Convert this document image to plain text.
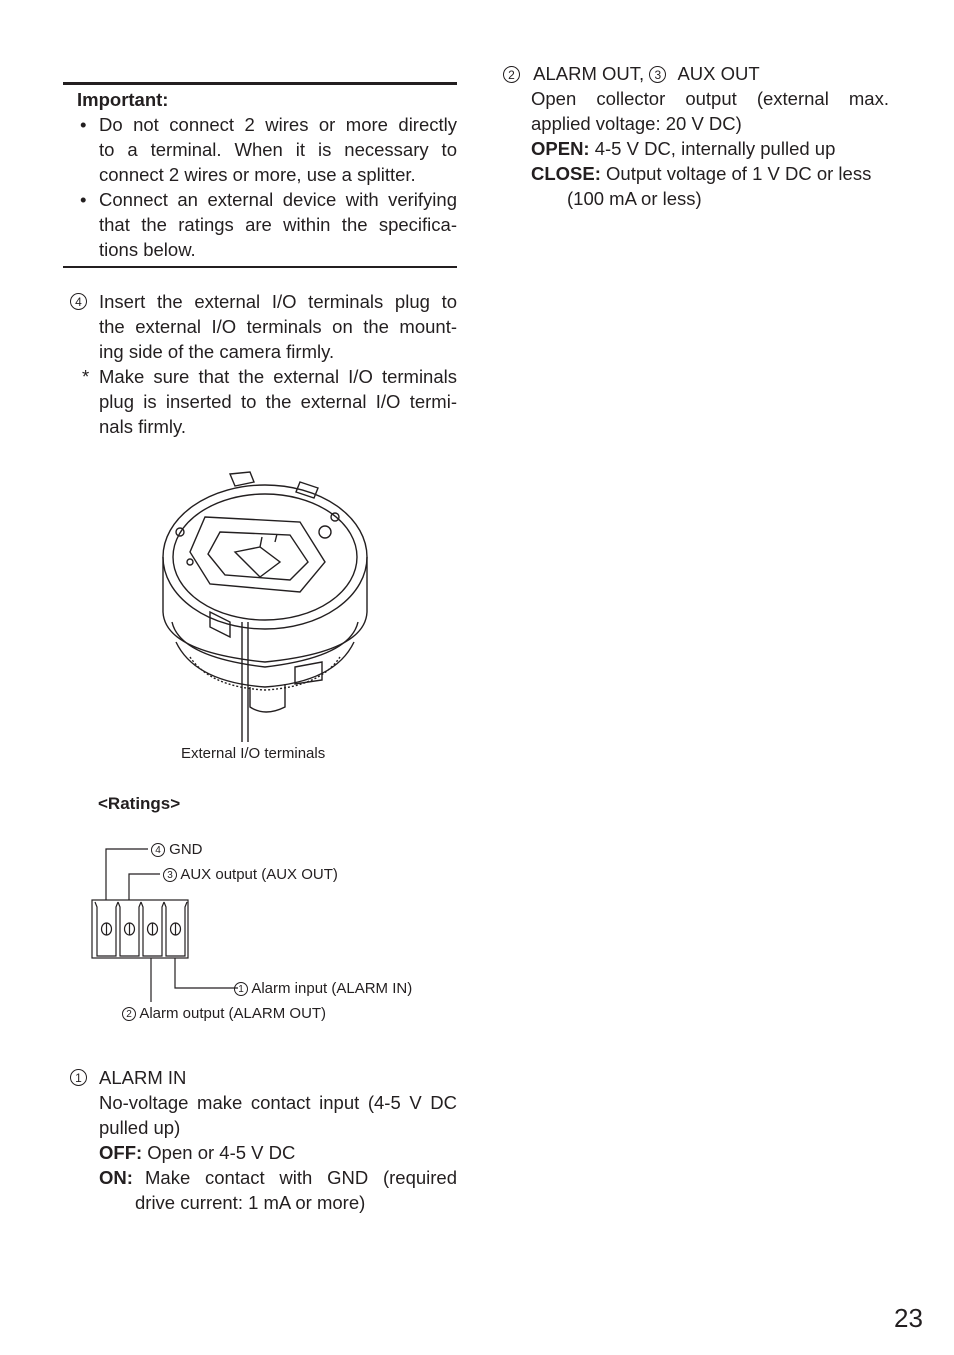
Important:
• Do not connect 2 wires or more directly
to a terminal. When it is necessary to
connect 2 wires or more, use a splitter.
• Connect an external device with verifying
that the ratings are within the specifica-
tions below.
4 Insert the external I/O terminals plug to
the external I/O terminals on the mount-
ing side of the camera firmly.
* Make sure that the external I/O terminals
plug is inserted to the external I/O termi-
nals firmly.
External I/O terminals
<Ratings>
4 GND
3 AUX output (AUX OUT)
1 Alarm input (ALARM IN)
2 Alarm output (ALARM OUT)
1 ALARM IN
No-voltage make contact input (4-5 V DC
pulled up)
OFF: Open or 4-5 V DC
ON: Make contact with GND (required
drive current: 1 mA or more)
2 ALARM OUT, 3 AUX OUT
Open collector output (external max.
applied voltage: 20 V DC)
OPEN: 4-5 V DC, internally pulled up
CLOSE: Output voltage of 1 V DC or less
(100 mA or less)
23
